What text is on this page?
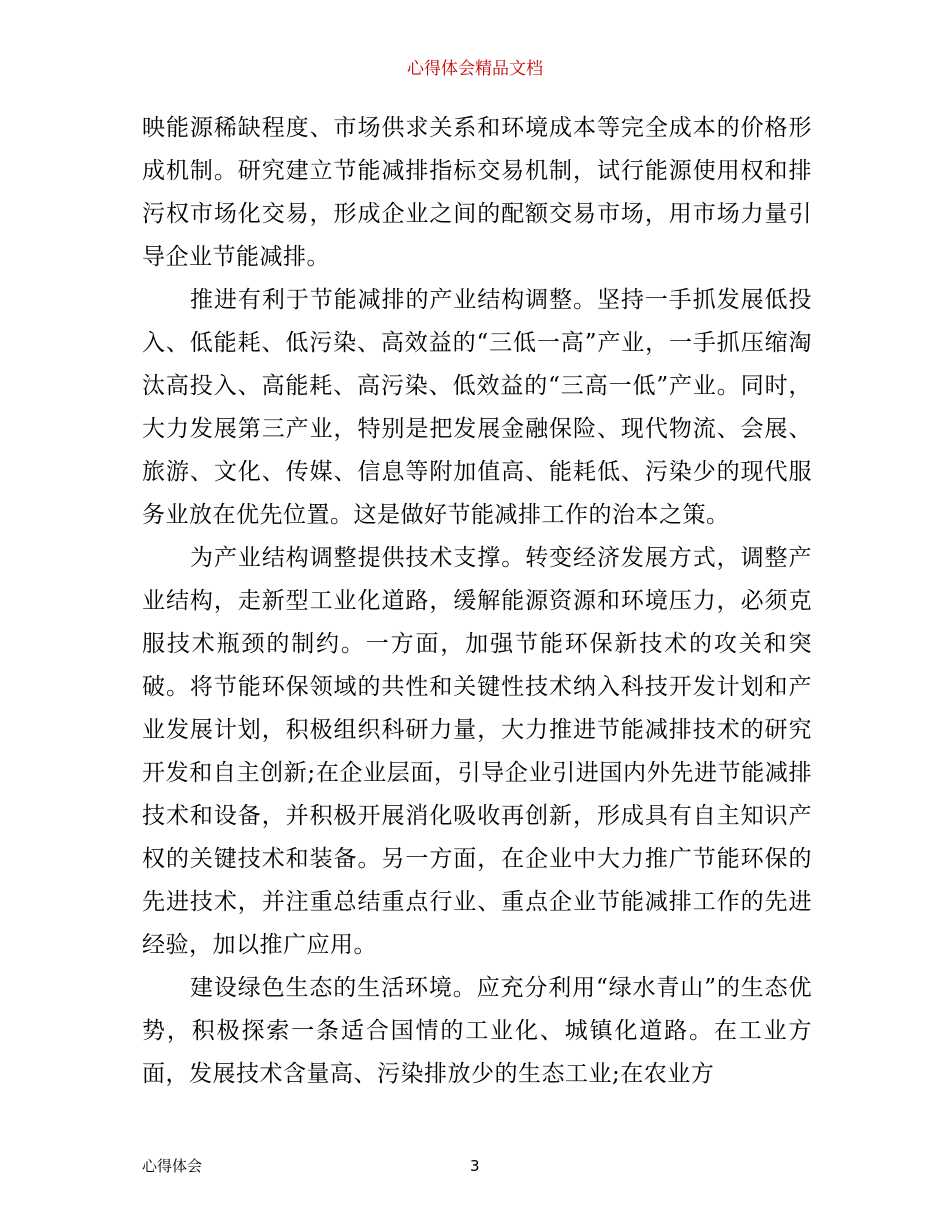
心得体会精品文档

映能源稀缺程度、市场供求关系和环境成本等完全成本的价格形成机制。研究建立节能减排指标交易机制，试行能源使用权和排污权市场化交易，形成企业之间的配额交易市场，用市场力量引导企业节能减排。

推进有利于节能减排的产业结构调整。坚持一手抓发展低投入、低能耗、低污染、高效益的“三低一高”产业，一手抓压缩淘汰高投入、高能耗、高污染、低效益的“三高一低”产业。同时，大力发展第三产业，特别是把发展金融保险、现代物流、会展、旅游、文化、传媒、信息等附加值高、能耗低、污染少的现代服务业放在优先位置。这是做好节能减排工作的治本之策。

为产业结构调整提供技术支撑。转变经济发展方式，调整产业结构，走新型工业化道路，缓解能源资源和环境压力，必须克服技术瓶颈的制约。一方面，加强节能环保新技术的攻关和突破。将节能环保领域的共性和关键性技术纳入科技开发计划和产业发展计划，积极组织科研力量，大力推进节能减排技术的研究开发和自主创新;在企业层面，引导企业引进国内外先进节能减排技术和设备，并积极开展消化吸收再创新，形成具有自主知识产权的关键技术和装备。另一方面，在企业中大力推广节能环保的先进技术，并注重总结重点行业、重点企业节能减排工作的先进经验，加以推广应用。

建设绿色生态的生活环境。应充分利用“绿水青山”的生态优势，积极探索一条适合国情的工业化、城镇化道路。在工业方面，发展技术含量高、污染排放少的生态工业;在农业方

心得体会	3
